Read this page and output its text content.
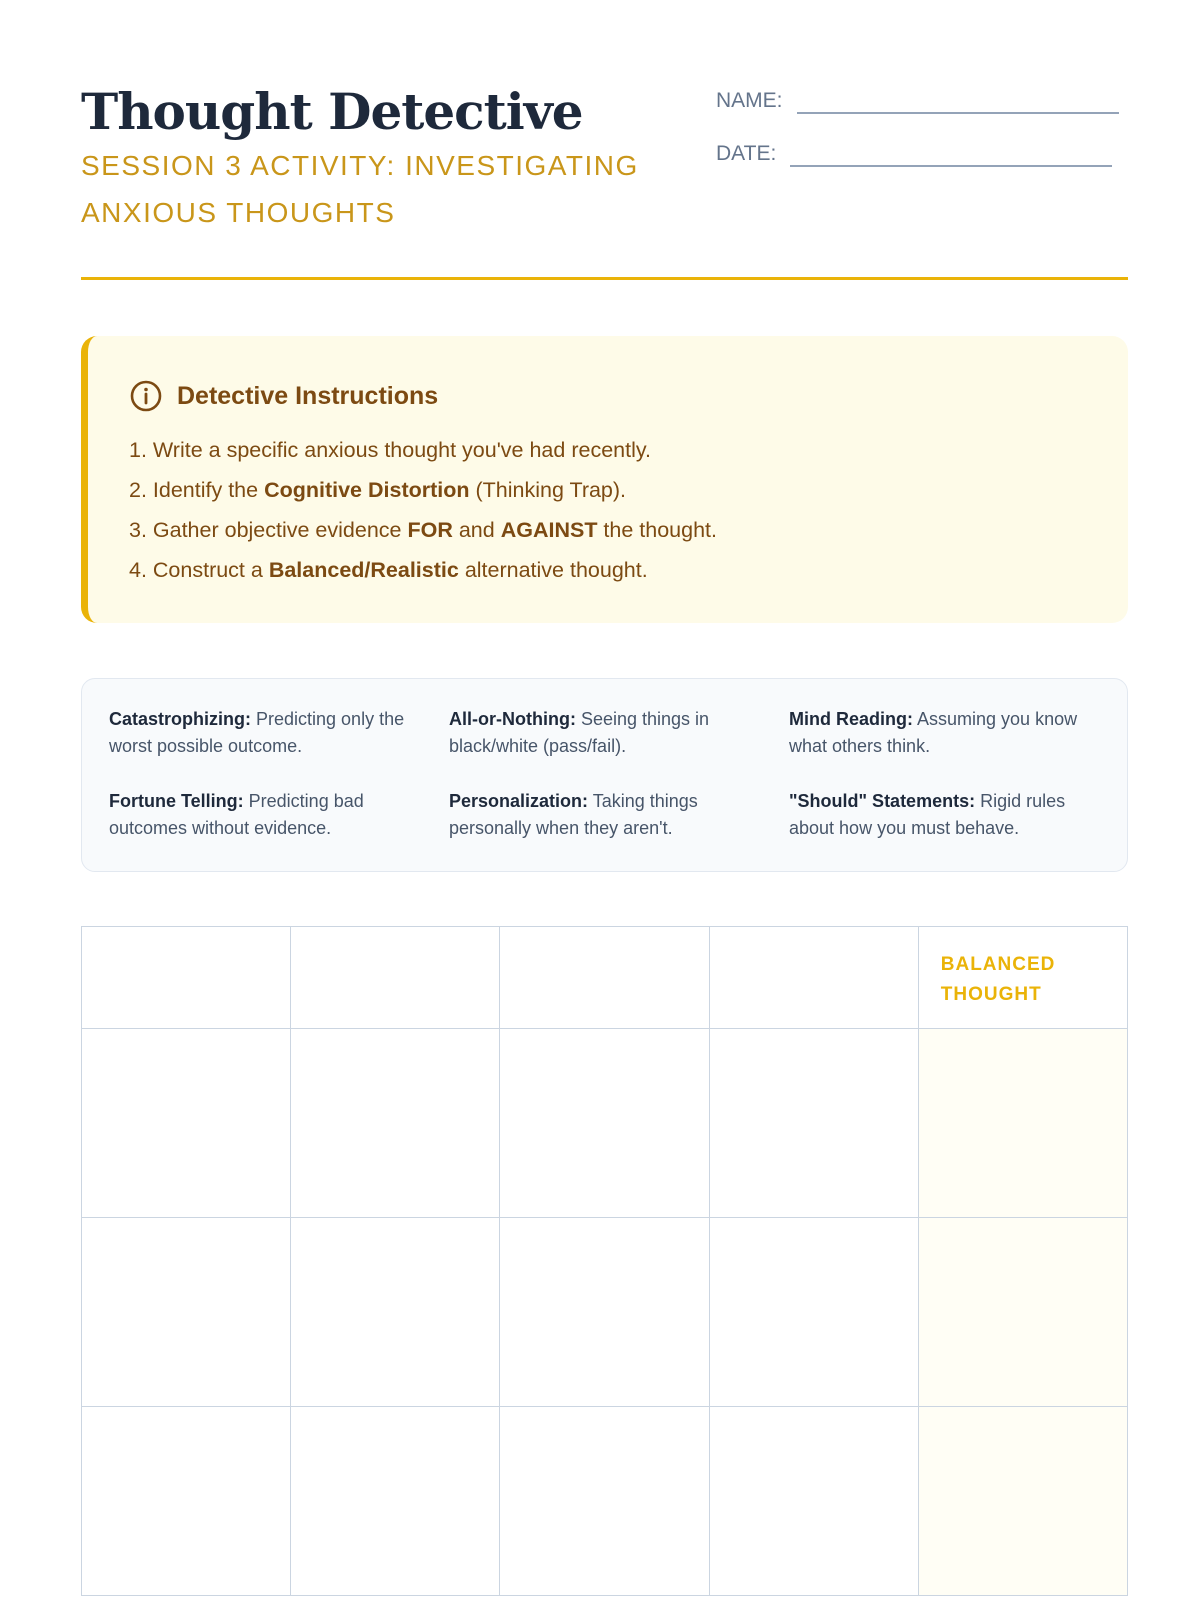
Thought Detective
SESSION 3 ACTIVITY: INVESTIGATING ANXIOUS THOUGHTS
NAME:
DATE:
Detective Instructions
1. Write a specific anxious thought you've had recently.
2. Identify the Cognitive Distortion (Thinking Trap).
3. Gather objective evidence FOR and AGAINST the thought.
4. Construct a Balanced/Realistic alternative thought.
Catastrophizing: Predicting only the worst possible outcome.
All-or-Nothing: Seeing things in black/white (pass/fail).
Mind Reading: Assuming you know what others think.
Fortune Telling: Predicting bad outcomes without evidence.
Personalization: Taking things personally when they aren't.
"Should" Statements: Rigid rules about how you must behave.

				BALANCED THOUGHT
